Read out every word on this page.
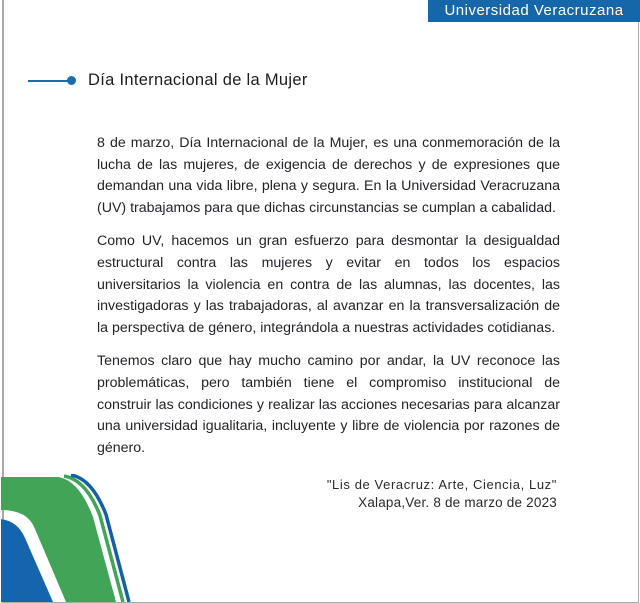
Universidad Veracruzana
Día Internacional de la Mujer

8 de marzo, Día Internacional de la Mujer, es una conmemoración de la lucha de las mujeres, de exigencia de derechos y de expresiones que demandan una vida libre, plena y segura. En la Universidad Veracruzana (UV) trabajamos para que dichas circunstancias se cumplan a cabalidad.

Como UV, hacemos un gran esfuerzo para desmontar la desigualdad estructural contra las mujeres y evitar en todos los espacios universitarios la violencia en contra de las alumnas, las docentes, las investigadoras y las trabajadoras, al avanzar en la transversalización de la perspectiva de género, integrándola a nuestras actividades cotidianas.

Tenemos claro que hay mucho camino por andar, la UV reconoce las problemáticas, pero también tiene el compromiso institucional de construir las condiciones y realizar las acciones necesarias para alcanzar una universidad igualitaria, incluyente y libre de violencia por razones de género.

"Lis de Veracruz: Arte, Ciencia, Luz"
Xalapa,Ver. 8 de marzo de 2023
